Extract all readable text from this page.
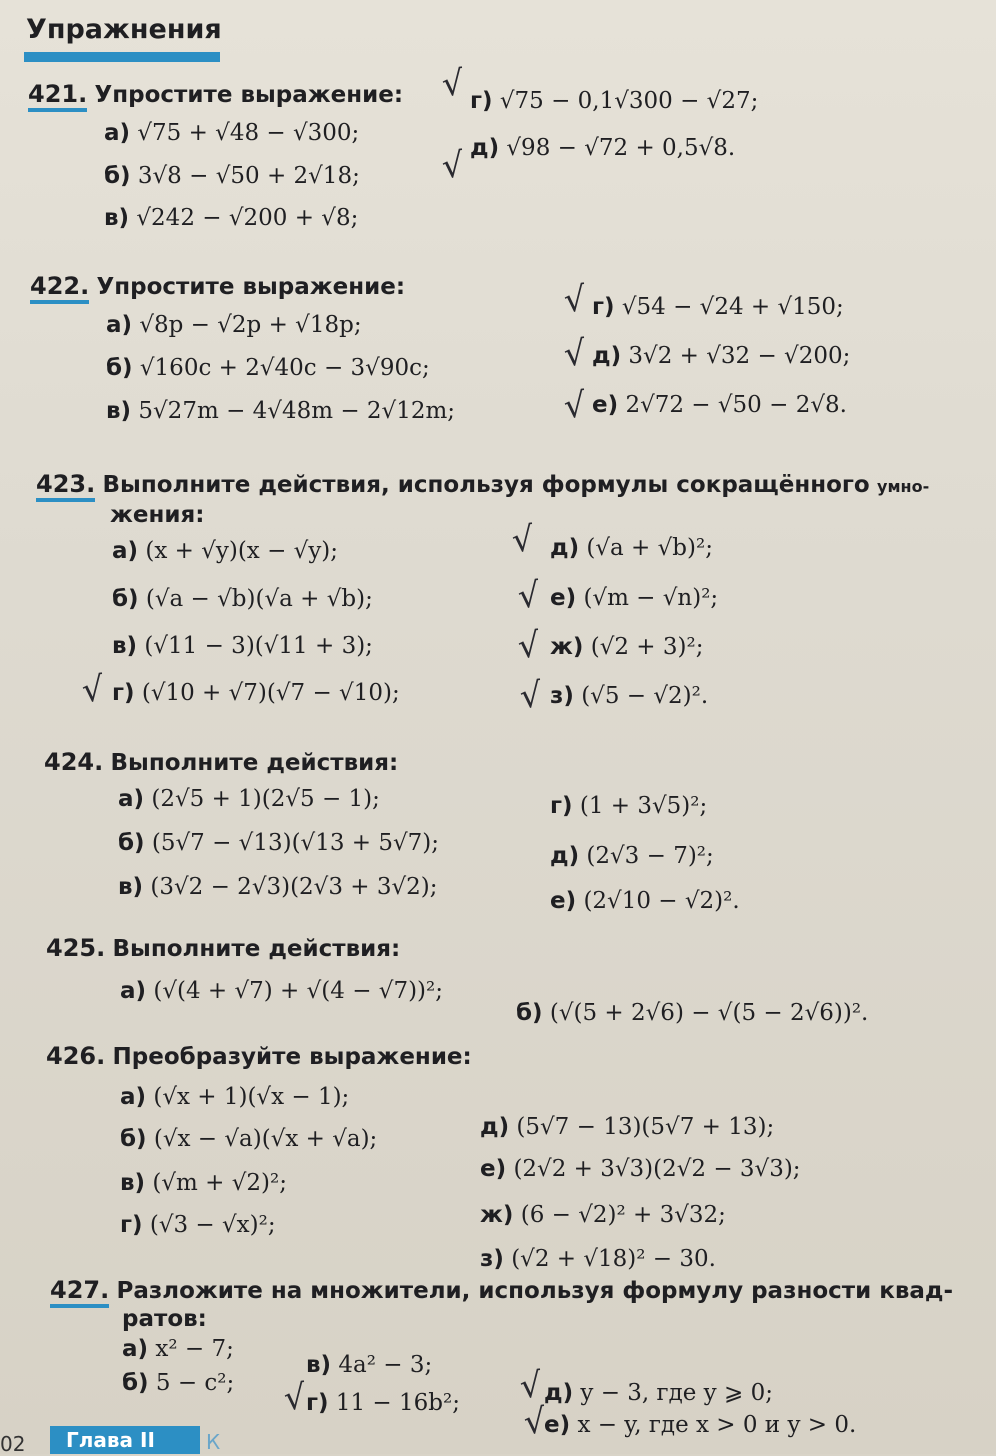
Упражнения
421. Упростите выражение:
а) √75 + √48 − √300;
б) 3√8 − √50 + 2√18;
в) √242 − √200 + √8;
г) √75 − 0,1√300 − √27;
д) √98 − √72 + 0,5√8.
√
√
422. Упростите выражение:
а) √8p − √2p + √18p;
б) √160c + 2√40c − 3√90c;
в) 5√27m − 4√48m − 2√12m;
г) √54 − √24 + √150;
д) 3√2 + √32 − √200;
е) 2√72 − √50 − 2√8.
√
√
√
423. Выполните действия, используя формулы сокращённого умно-
жения:
а) (x + √y)(x − √y);
б) (√a − √b)(√a + √b);
в) (√11 − 3)(√11 + 3);
г) (√10 + √7)(√7 − √10);
д) (√a + √b)²;
е) (√m − √n)²;
ж) (√2 + 3)²;
з) (√5 − √2)².
√
√
√
√
√
424. Выполните действия:
а) (2√5 + 1)(2√5 − 1);
б) (5√7 − √13)(√13 + 5√7);
в) (3√2 − 2√3)(2√3 + 3√2);
г) (1 + 3√5)²;
д) (2√3 − 7)²;
е) (2√10 − √2)².
425. Выполните действия:
а) (√(4 + √7) + √(4 − √7))²;
б) (√(5 + 2√6) − √(5 − 2√6))².
426. Преобразуйте выражение:
а) (√x + 1)(√x − 1);
б) (√x − √a)(√x + √a);
в) (√m + √2)²;
г) (√3 − √x)²;
д) (5√7 − 13)(5√7 + 13);
е) (2√2 + 3√3)(2√2 − 3√3);
ж) (6 − √2)² + 3√32;
з) (√2 + √18)² − 30.
427. Разложите на множители, используя формулу разности квад-
ратов:
а) x² − 7;
б) 5 − c²;
в) 4a² − 3;
г) 11 − 16b²;	д) y − 3, где y ⩾ 0;
е) x − y, где x > 0 и y > 0.
√	√
√
02 Глава II	К
